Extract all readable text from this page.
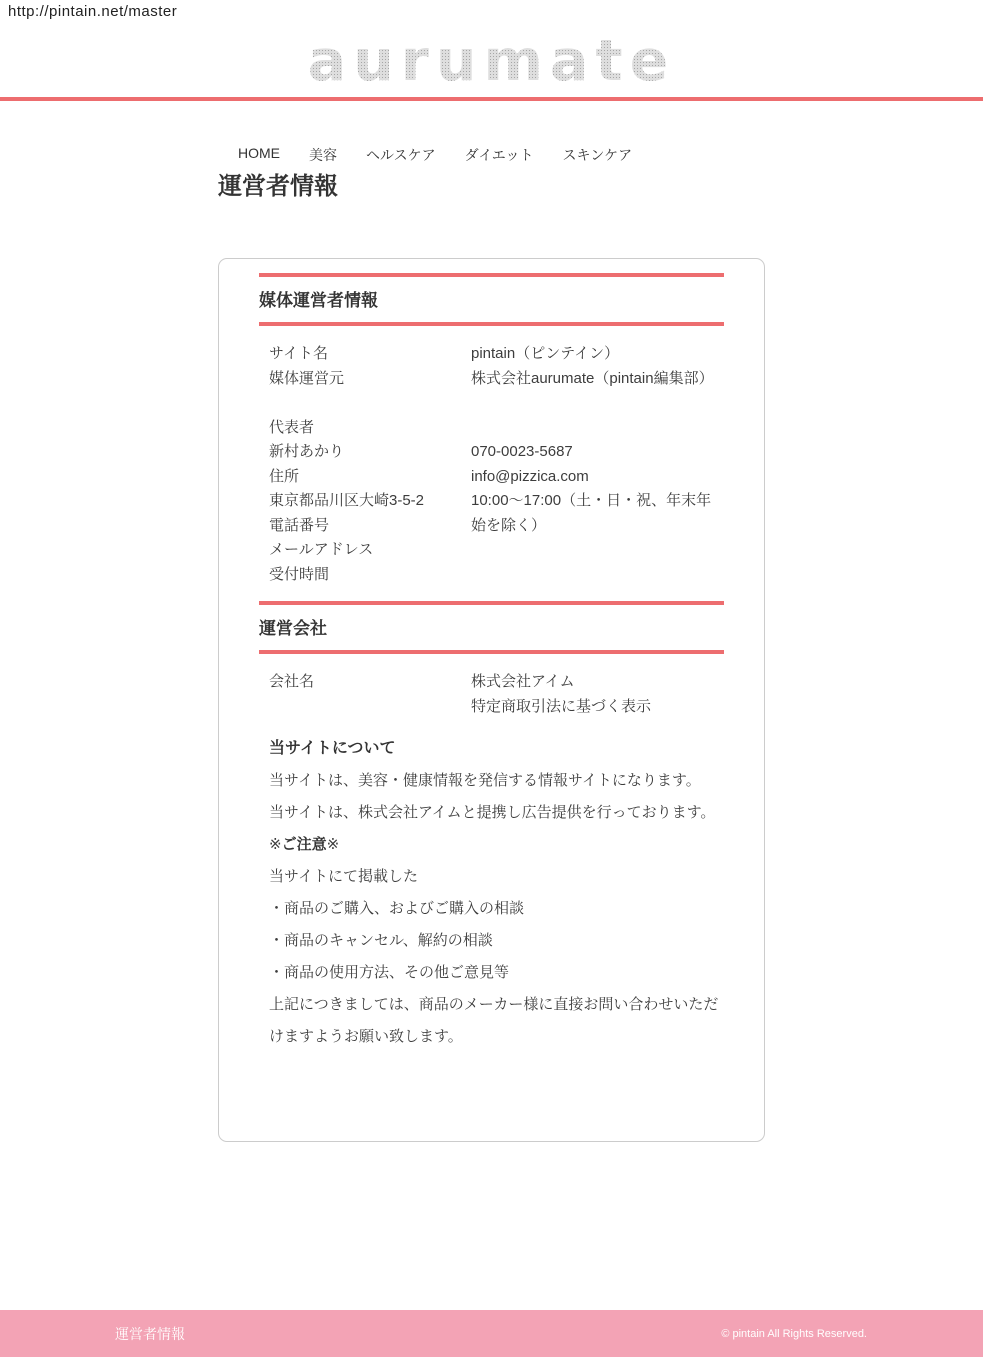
http://pintain.net/master
aurumate
HOME 美容 ヘルスケア ダイエット スキンケア
運営者情報
媒体運営者情報
サイト名
媒体運営元
代表者
新村あかり
住所
東京都品川区大崎3-5-2
電話番号
メールアドレス
受付時間
pintain（ピンテイン）
株式会社aurumate（pintain編集部）
070-0023-5687
info@pizzica.com
10:00〜17:00（土・日・祝、年末年始を除く）
運営会社
会社名	株式会社アイム
特定商取引法に基づく表示
当サイトについて

当サイトは、美容・健康情報を発信する情報サイトになります。

当サイトは、株式会社アイムと提携し広告提供を行っております。

※ご注意※

当サイトにて掲載した

・商品のご購入、およびご購入の相談

・商品のキャンセル、解約の相談

・商品の使用方法、その他ご意見等

上記につきましては、商品のメーカー様に直接お問い合わせいただけますようお願い致します。

運営者情報	© pintain All Rights Reserved.
